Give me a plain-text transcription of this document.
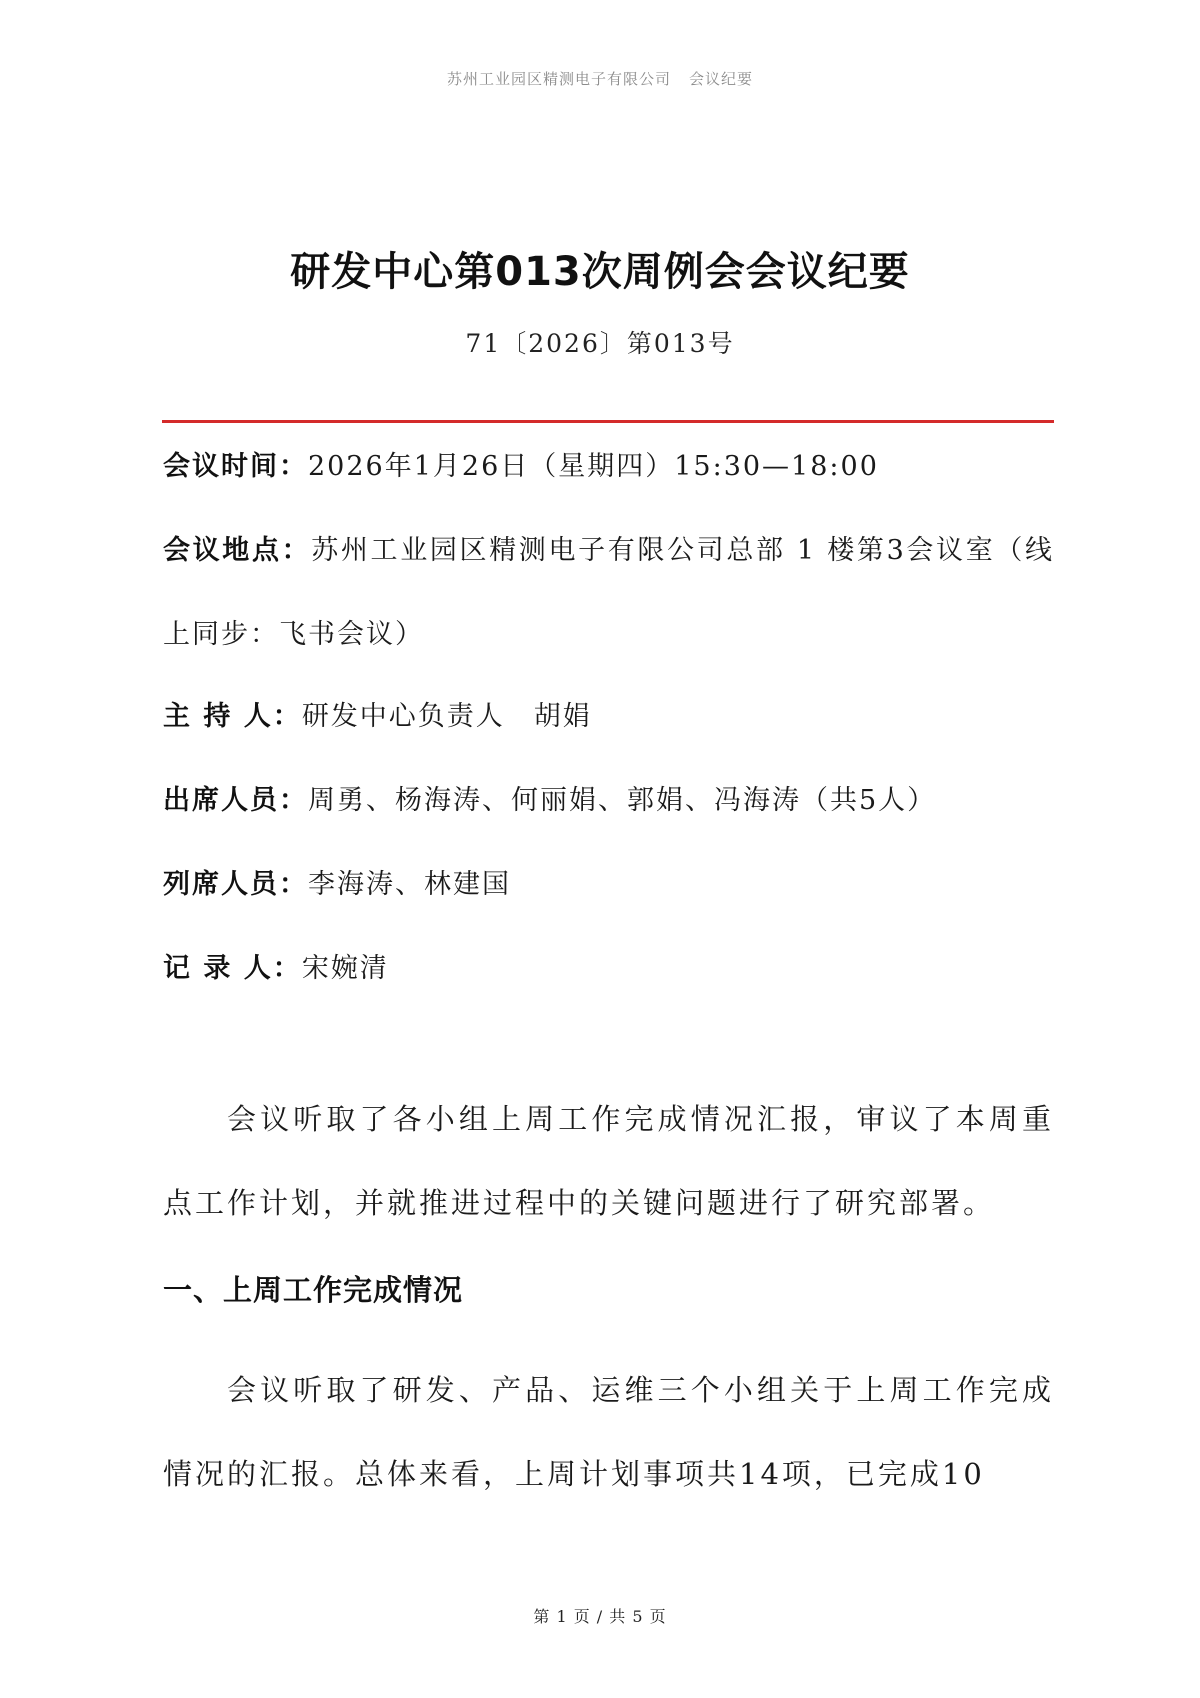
苏州工业园区精测电子有限公司 会议纪要
研发中心第013次周例会会议纪要
71〔2026〕第013号
会议时间：2026年1月26日（星期四）15:30—18:00
会议地点：苏州工业园区精测电子有限公司总部 1 楼第3会议室（线上同步：飞书会议）
主 持 人：研发中心负责人　胡娟
出席人员：周勇、杨海涛、何丽娟、郭娟、冯海涛（共5人）
列席人员：李海涛、林建国
记 录 人：宋婉清
会议听取了各小组上周工作完成情况汇报，审议了本周重点工作计划，并就推进过程中的关键问题进行了研究部署。
一、上周工作完成情况
会议听取了研发、产品、运维三个小组关于上周工作完成情况的汇报。总体来看，上周计划事项共14项，已完成10
第 1 页 / 共 5 页
